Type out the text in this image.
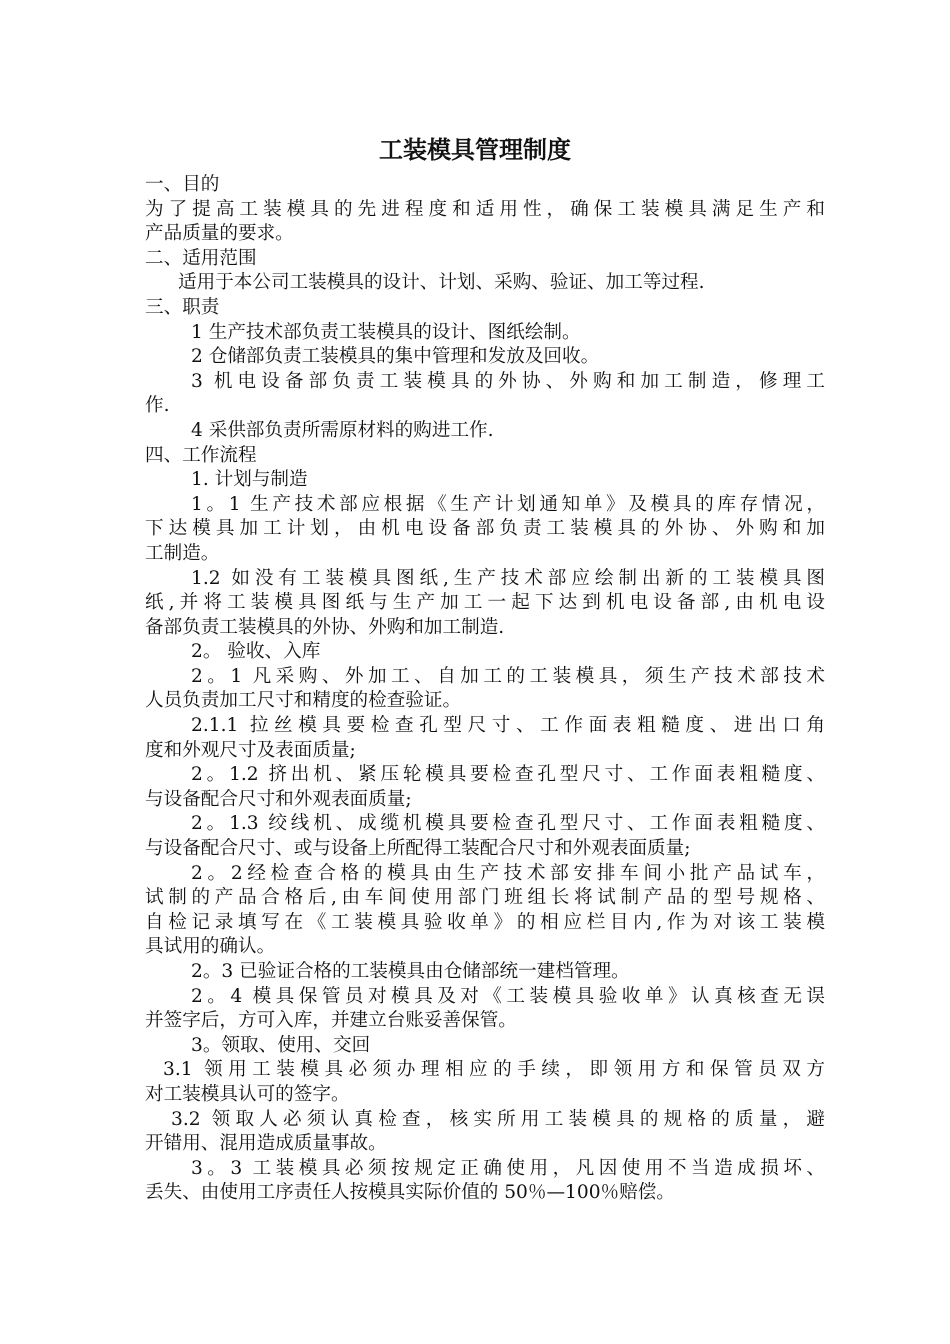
工装模具管理制度

一、目的

为了提高工装模具的先进程度和适用性，确保工装模具满足生产和

产品质量的要求。

二、适用范围

适用于本公司工装模具的设计、计划、采购、验证、加工等过程.

三、职责

1 生产技术部负责工装模具的设计、图纸绘制。

2 仓储部负责工装模具的集中管理和发放及回收。

3 机电设备部负责工装模具的外协、外购和加工制造，修理工

作.

4 采供部负责所需原材料的购进工作.

四、工作流程

1. 计划与制造

1。1 生产技术部应根据《生产计划通知单》及模具的库存情况，

下达模具加工计划，由机电设备部负责工装模具的外协、外购和加

工制造。

1.2 如没有工装模具图纸,生产技术部应绘制出新的工装模具图

纸,并将工装模具图纸与生产加工一起下达到机电设备部,由机电设

备部负责工装模具的外协、外购和加工制造.

2。 验收、入库

2。1 凡采购、外加工、自加工的工装模具，须生产技术部技术

人员负责加工尺寸和精度的检查验证。

2.1.1 拉丝模具要检查孔型尺寸、工作面表粗糙度、进出口角

度和外观尺寸及表面质量;

2。1.2 挤出机、紧压轮模具要检查孔型尺寸、工作面表粗糙度、

与设备配合尺寸和外观表面质量;

2。1.3 绞线机、成缆机模具要检查孔型尺寸、工作面表粗糙度、

与设备配合尺寸、或与设备上所配得工装配合尺寸和外观表面质量;

2。2经检查合格的模具由生产技术部安排车间小批产品试车，

试制的产品合格后,由车间使用部门班组长将试制产品的型号规格、

自检记录填写在《工装模具验收单》的相应栏目内,作为对该工装模

具试用的确认。

2。3 已验证合格的工装模具由仓储部统一建档管理。

2。4 模具保管员对模具及对《工装模具验收单》认真核查无误

并签字后，方可入库，并建立台账妥善保管。

3。领取、使用、交回

3.1 领用工装模具必须办理相应的手续，即领用方和保管员双方

对工装模具认可的签字。

3.2 领取人必须认真检查，核实所用工装模具的规格的质量，避

开错用、混用造成质量事故。

3。3 工装模具必须按规定正确使用，凡因使用不当造成损坏、

丢失、由使用工序责任人按模具实际价值的 50％—100％赔偿。
